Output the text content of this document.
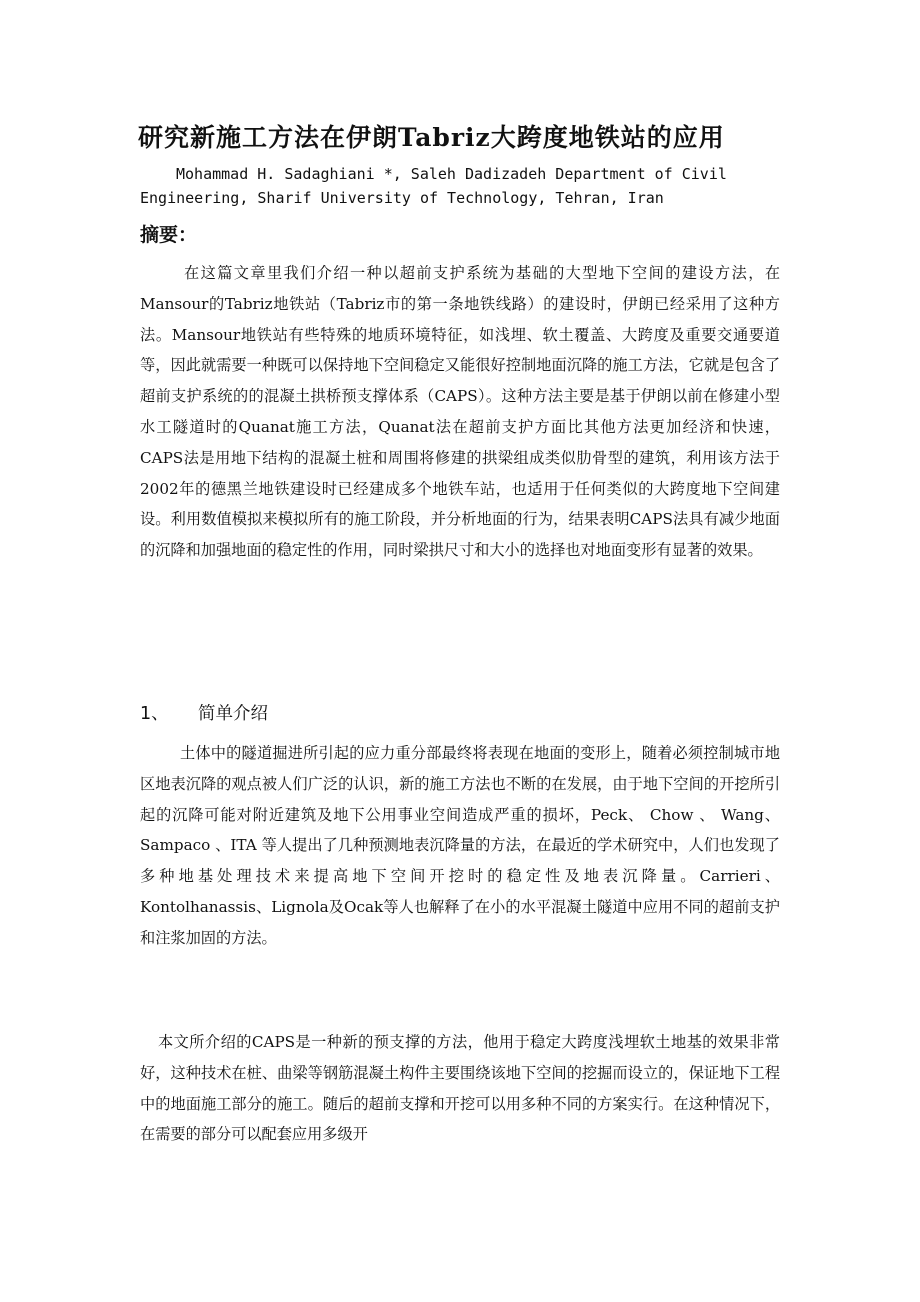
研究新施工方法在伊朗Tabriz大跨度地铁站的应用

Mohammad H. Sadaghiani *, Saleh Dadizadeh Department of Civil Engineering, Sharif University of Technology, Tehran, Iran

摘要：

在这篇文章里我们介绍一种以超前支护系统为基础的大型地下空间的建设方法，在Mansour的Tabriz地铁站（Tabriz市的第一条地铁线路）的建设时，伊朗已经采用了这种方法。Mansour地铁站有些特殊的地质环境特征，如浅埋、软土覆盖、大跨度及重要交通要道等，因此就需要一种既可以保持地下空间稳定又能很好控制地面沉降的施工方法，它就是包含了超前支护系统的的混凝土拱桥预支撑体系（CAPS）。这种方法主要是基于伊朗以前在修建小型水工隧道时的Quanat施工方法，Quanat法在超前支护方面比其他方法更加经济和快速，CAPS法是用地下结构的混凝土桩和周围将修建的拱梁组成类似肋骨型的建筑，利用该方法于2002年的德黑兰地铁建设时已经建成多个地铁车站，也适用于任何类似的大跨度地下空间建设。利用数值模拟来模拟所有的施工阶段，并分析地面的行为，结果表明CAPS法具有减少地面的沉降和加强地面的稳定性的作用，同时梁拱尺寸和大小的选择也对地面变形有显著的效果。

1、 简单介绍

土体中的隧道掘进所引起的应力重分部最终将表现在地面的变形上，随着必须控制城市地区地表沉降的观点被人们广泛的认识，新的施工方法也不断的在发展，由于地下空间的开挖所引起的沉降可能对附近建筑及地下公用事业空间造成严重的损坏，Peck、 Chow 、 Wang、 Sampaco 、ITA 等人提出了几种预测地表沉降量的方法，在最近的学术研究中，人们也发现了多种地基处理技术来提高地下空间开挖时的稳定性及地表沉降量。Carrieri、Kontolhanassis、Lignola及Ocak等人也解释了在小的水平混凝土隧道中应用不同的超前支护和注浆加固的方法。

本文所介绍的CAPS是一种新的预支撑的方法，他用于稳定大跨度浅埋软土地基的效果非常好，这种技术在桩、曲梁等钢筋混凝土构件主要围绕该地下空间的挖掘而设立的，保证地下工程中的地面施工部分的施工。随后的超前支撑和开挖可以用多种不同的方案实行。在这种情况下，在需要的部分可以配套应用多级开
